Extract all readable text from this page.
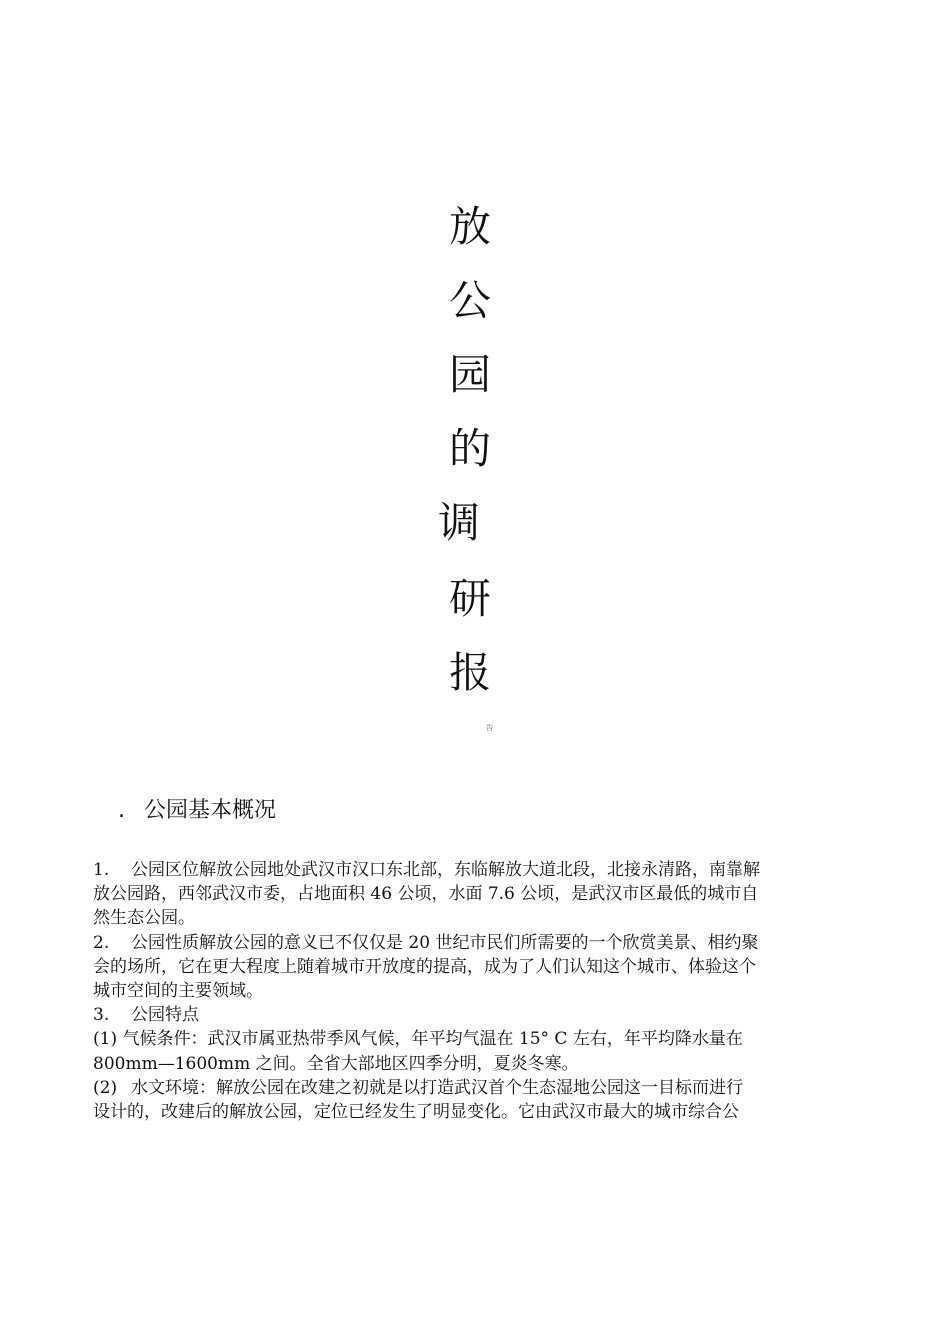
放
公
园
的
调
研
报
告
. 公园基本概况
1. 公园区位解放公园地处武汉市汉口东北部，东临解放大道北段，北接永清路，南靠解
放公园路，西邻武汉市委，占地面积 46 公顷，水面 7.6 公顷，是武汉市区最低的城市自
然生态公园。
2. 公园性质解放公园的意义已不仅仅是 20 世纪市民们所需要的一个欣赏美景、相约聚
会的场所，它在更大程度上随着城市开放度的提高，成为了人们认知这个城市、体验这个
城市空间的主要领域。
3. 公园特点
(1) 气候条件：武汉市属亚热带季风气候，年平均气温在 15° C 左右，年平均降水量在
800mm—1600mm 之间。全省大部地区四季分明，夏炎冬寒。
(2) 水文环境：解放公园在改建之初就是以打造武汉首个生态湿地公园这一目标而进行
设计的，改建后的解放公园，定位已经发生了明显变化。它由武汉市最大的城市综合公
